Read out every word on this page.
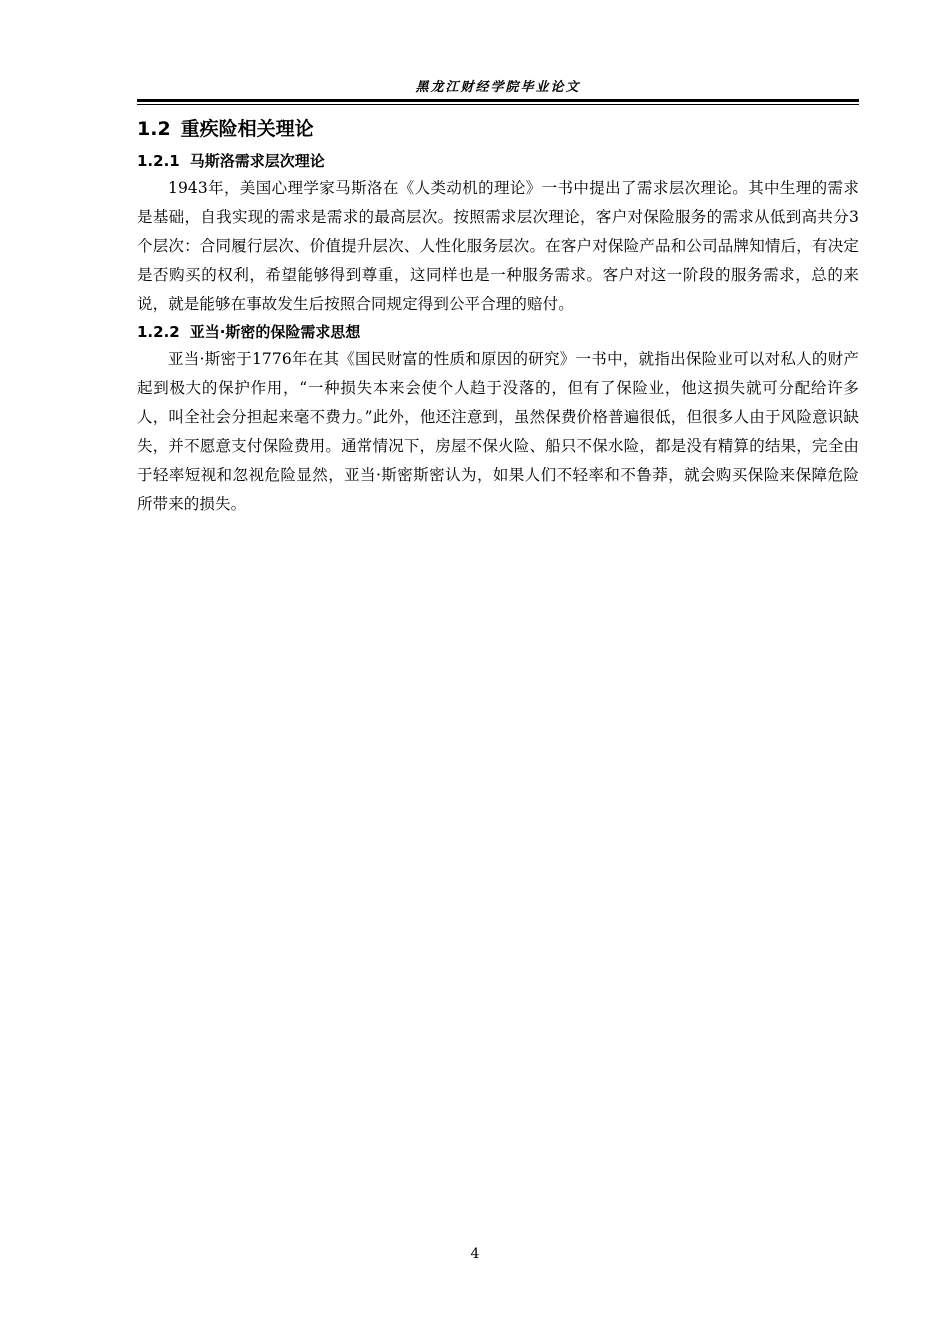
黑龙江财经学院毕业论文
1.2 重疾险相关理论
1.2.1 马斯洛需求层次理论

1943年，美国心理学家马斯洛在《人类动机的理论》一书中提出了需求层次理论。其中生理的需求是基础，自我实现的需求是需求的最高层次。按照需求层次理论，客户对保险服务的需求从低到高共分3个层次：合同履行层次、价值提升层次、人性化服务层次。在客户对保险产品和公司品牌知情后，有决定是否购买的权利，希望能够得到尊重，这同样也是一种服务需求。客户对这一阶段的服务需求，总的来说，就是能够在事故发生后按照合同规定得到公平合理的赔付。

1.2.2 亚当·斯密的保险需求思想

亚当·斯密于1776年在其《国民财富的性质和原因的研究》一书中，就指出保险业可以对私人的财产起到极大的保护作用，“一种损失本来会使个人趋于没落的，但有了保险业，他这损失就可分配给许多人，叫全社会分担起来毫不费力。”此外，他还注意到，虽然保费价格普遍很低，但很多人由于风险意识缺失，并不愿意支付保险费用。通常情况下，房屋不保火险、船只不保水险，都是没有精算的结果，完全由于轻率短视和忽视危险显然，亚当·斯密斯密认为，如果人们不轻率和不鲁莽，就会购买保险来保障危险所带来的损失。

4
